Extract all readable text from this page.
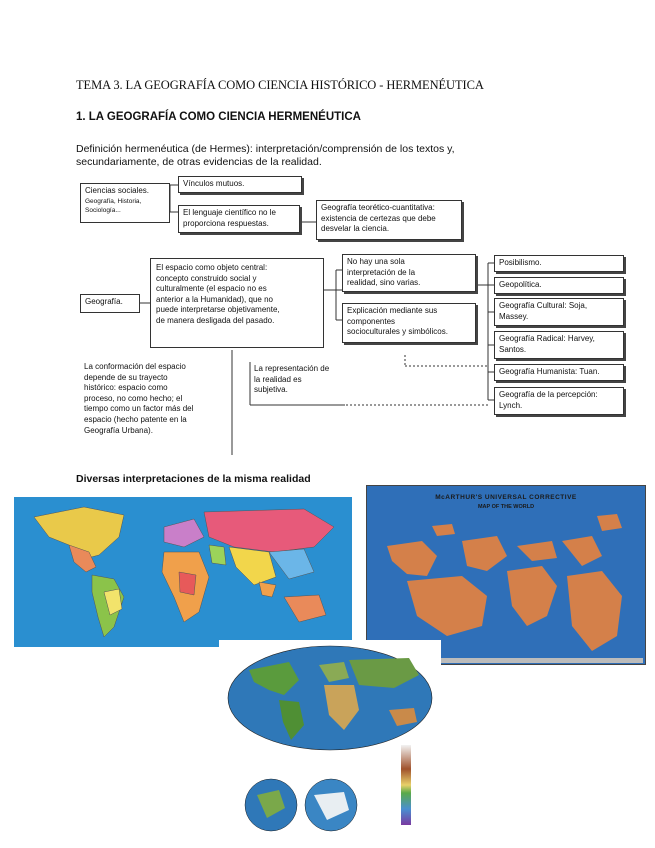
TEMA 3. LA GEOGRAFÍA COMO CIENCIA HISTÓRICO - HERMENÉUTICA
1. LA GEOGRAFÍA COMO CIENCIA HERMENÉUTICA
Definición hermenéutica (de Hermes): interpretación/comprensión de los textos y,
secundariamente, de otras evidencias de la realidad.
Ciencias sociales.
Geografía, Historia,
Sociología...
Vínculos mutuos.
El lenguaje científico no le
proporciona respuestas.
Geografía teorético-cuantitativa:
existencia de certezas que debe
desvelar la ciencia.
Geografía.
El espacio como objeto central:
concepto construido social y
culturalmente (el espacio no es
anterior a la Humanidad), que no
puede interpretarse objetivamente,
de manera desligada del pasado.
No hay una sola
interpretación de la
realidad, sino varias.
Explicación mediante sus
componentes
socioculturales y simbólicos.
Posibilismo.
Geopolítica.
Geografía Cultural: Soja,
Massey.
Geografía Radical: Harvey,
Santos.
Geografía Humanista: Tuan.
Geografía de la percepción:
Lynch.
La conformación del espacio
depende de su trayecto
histórico: espacio como
proceso, no como hecho; el
tiempo como un factor más del
espacio (hecho patente en la
Geografía Urbana).
La representación de
la realidad es
subjetiva.
Diversas interpretaciones de la misma realidad
McARTHUR'S UNIVERSAL CORRECTIVE
MAP OF THE WORLD
